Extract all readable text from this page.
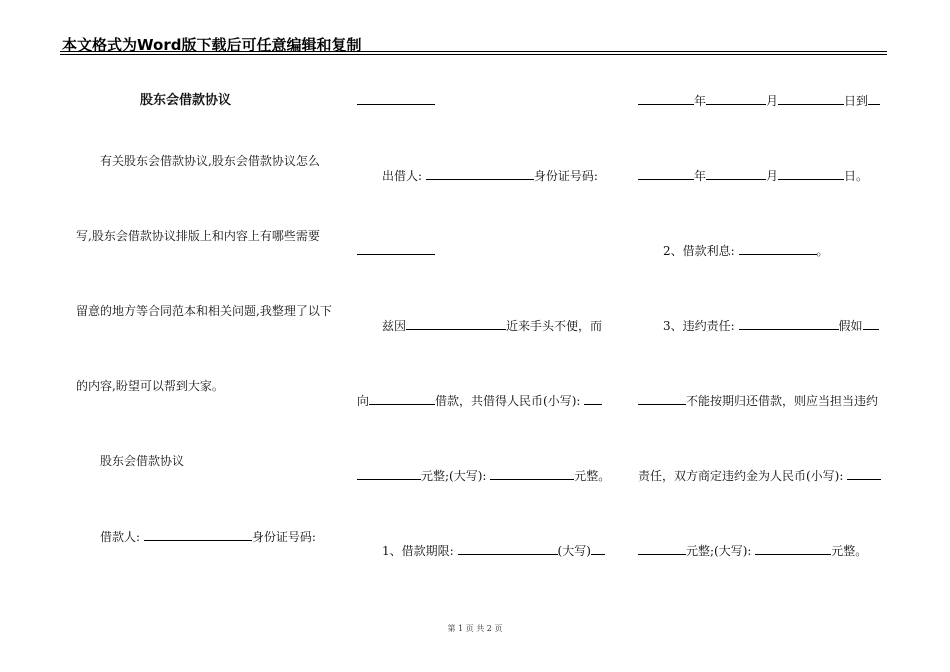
本文格式为Word版下载后可任意编辑和复制
股东会借款协议
有关股东会借款协议,股东会借款协议怎么
写,股东会借款协议排版上和内容上有哪些需要
留意的地方等合同范本和相关问题,我整理了以下
的内容,盼望可以帮到大家。
股东会借款协议
借款人:	身份证号码:
出借人:	身份证号码:
兹因	近来手头不便，而
向	借款，共借得人民币(小写):
元整;(大写):	元整。
1、借款期限:	(大写)
年	月	日到
年	月	日。
2、借款利息:	。
3、违约责任:	假如
不能按期归还借款，则应当担当违约
责任，双方商定违约金为人民币(小写):
元整;(大写):	元整。
第 1 页 共 2 页
